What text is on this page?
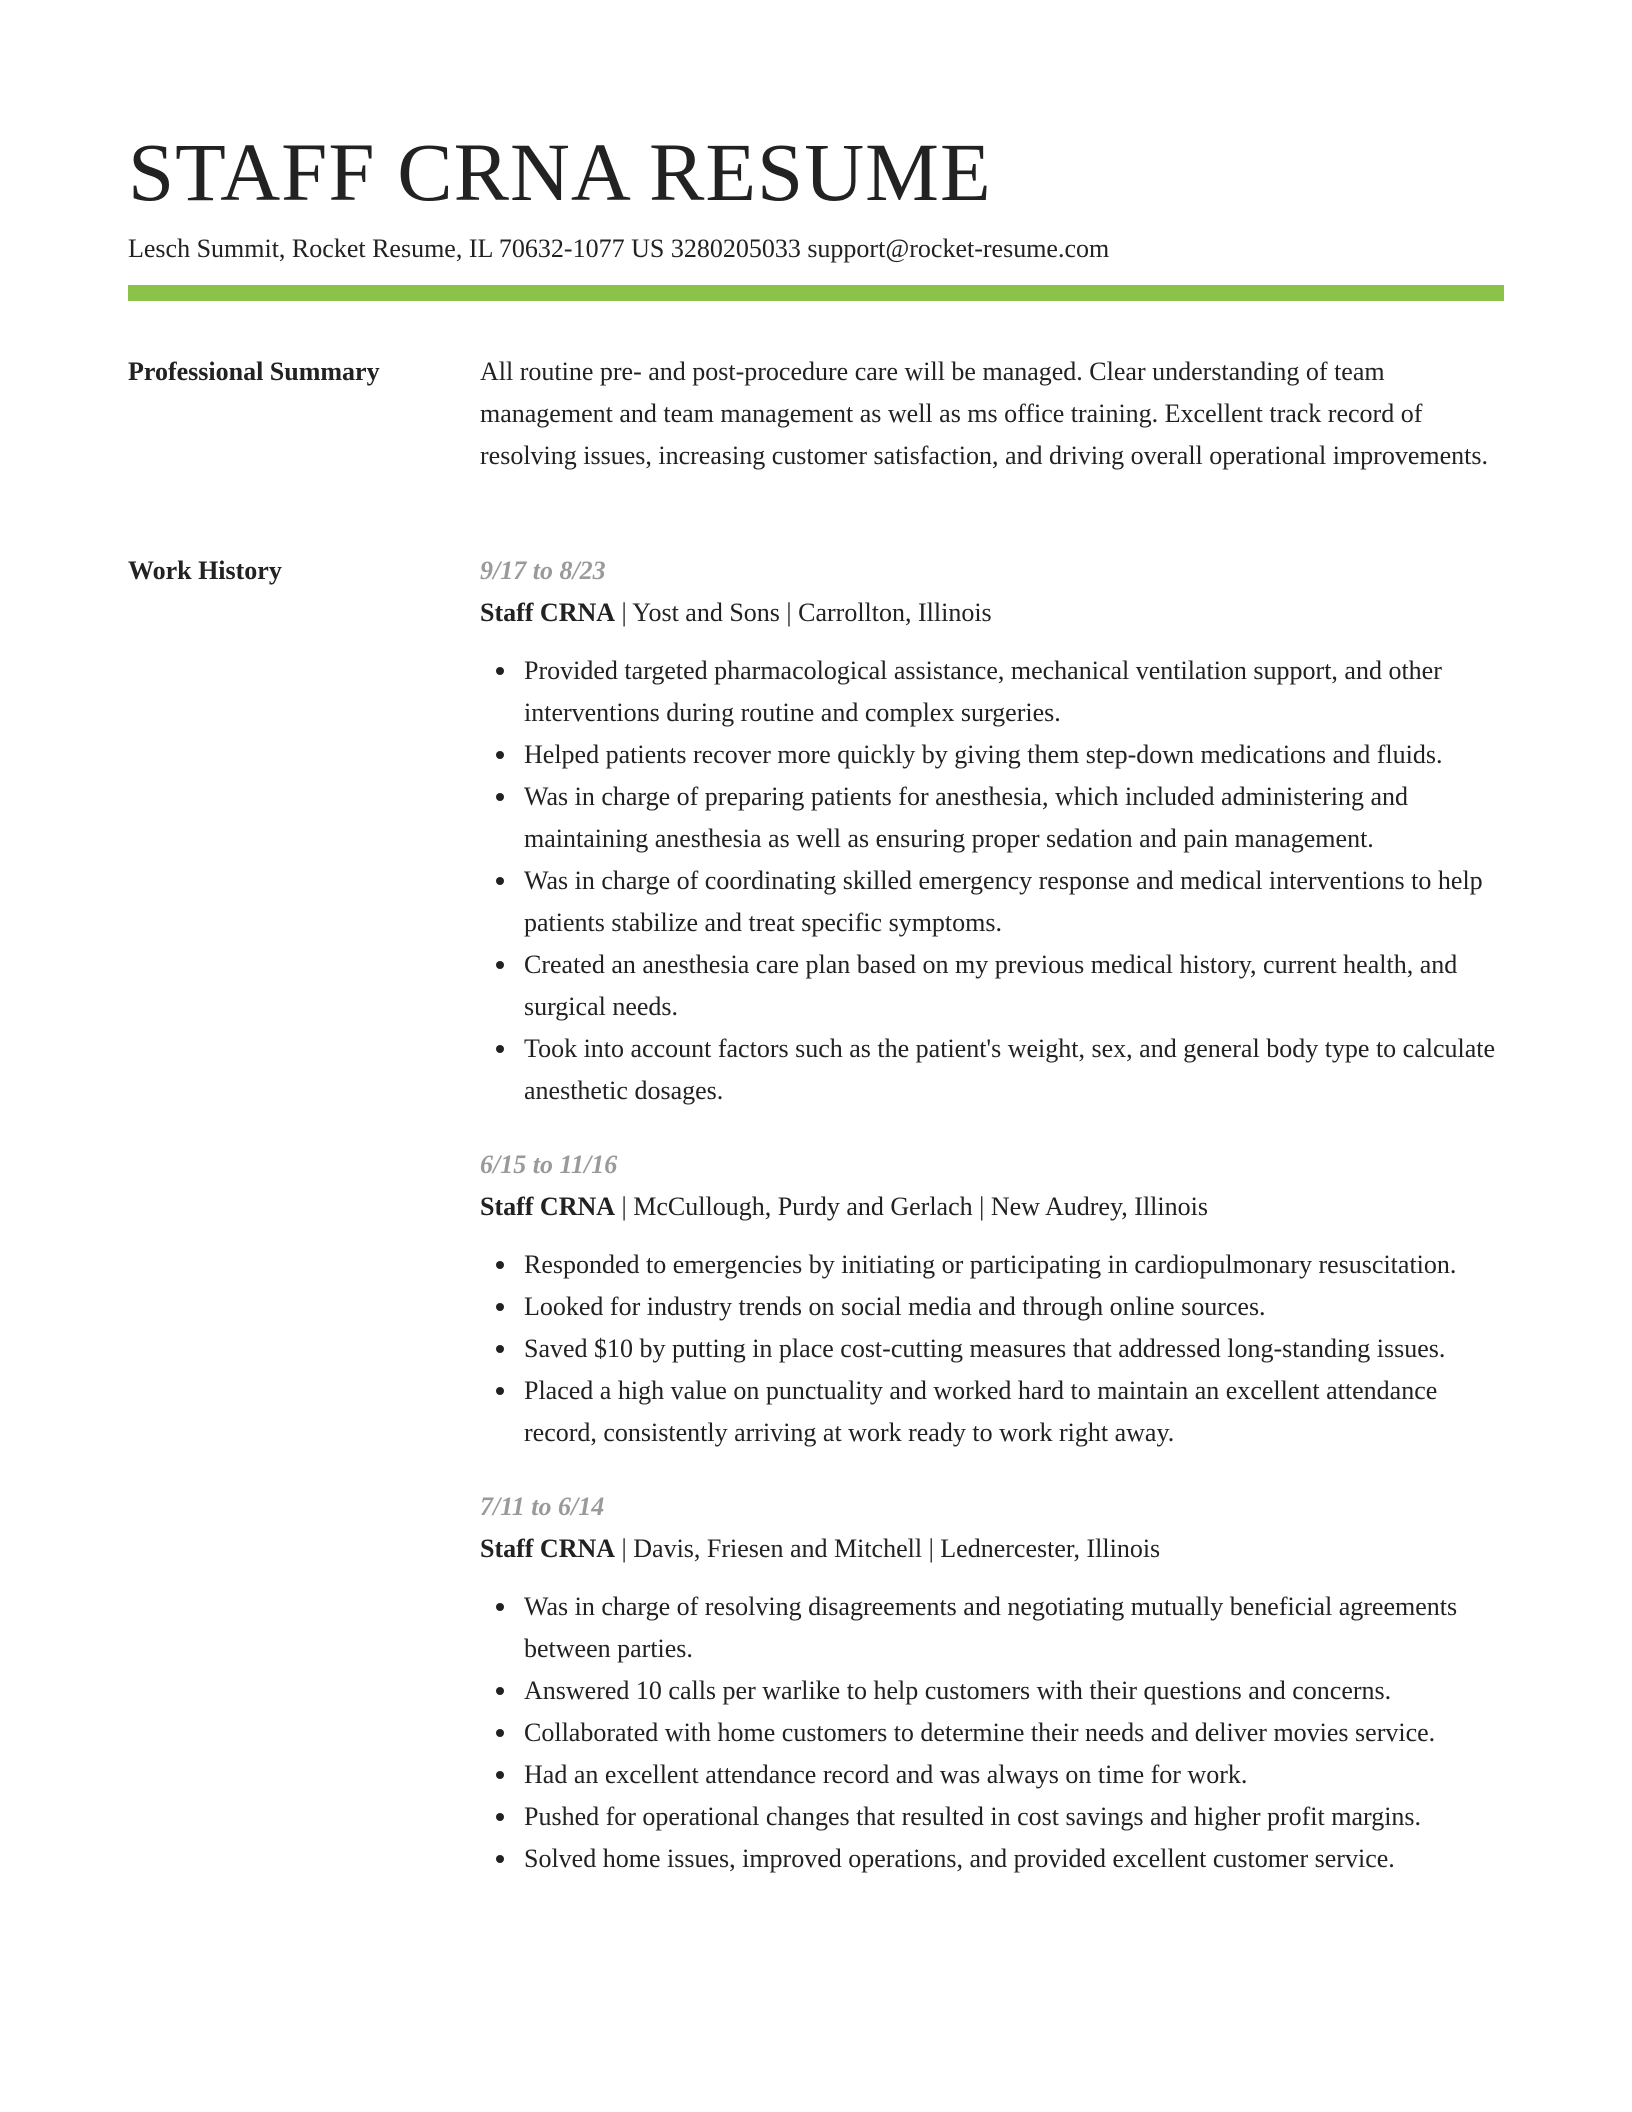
STAFF CRNA RESUME
Lesch Summit, Rocket Resume, IL 70632-1077 US 3280205033 support@rocket-resume.com
Professional Summary	All routine pre- and post-procedure care will be managed. Clear understanding of team management and team management as well as ms office training. Excellent track record of resolving issues, increasing customer satisfaction, and driving overall operational improvements.

Work History	9/17 to 8/23
Staff CRNA | Yost and Sons | Carrollton, Illinois
Provided targeted pharmacological assistance, mechanical ventilation support, and other interventions during routine and complex surgeries.
Helped patients recover more quickly by giving them step-down medications and fluids.
Was in charge of preparing patients for anesthesia, which included administering and maintaining anesthesia as well as ensuring proper sedation and pain management.
Was in charge of coordinating skilled emergency response and medical interventions to help patients stabilize and treat specific symptoms.
Created an anesthesia care plan based on my previous medical history, current health, and surgical needs.
Took into account factors such as the patient's weight, sex, and general body type to calculate anesthetic dosages.
6/15 to 11/16
Staff CRNA | McCullough, Purdy and Gerlach | New Audrey, Illinois
Responded to emergencies by initiating or participating in cardiopulmonary resuscitation.
Looked for industry trends on social media and through online sources.
Saved $10 by putting in place cost-cutting measures that addressed long-standing issues.
Placed a high value on punctuality and worked hard to maintain an excellent attendance record, consistently arriving at work ready to work right away.
7/11 to 6/14
Staff CRNA | Davis, Friesen and Mitchell | Lednercester, Illinois
Was in charge of resolving disagreements and negotiating mutually beneficial agreements between parties.
Answered 10 calls per warlike to help customers with their questions and concerns.
Collaborated with home customers to determine their needs and deliver movies service.
Had an excellent attendance record and was always on time for work.
Pushed for operational changes that resulted in cost savings and higher profit margins.
Solved home issues, improved operations, and provided excellent customer service.
